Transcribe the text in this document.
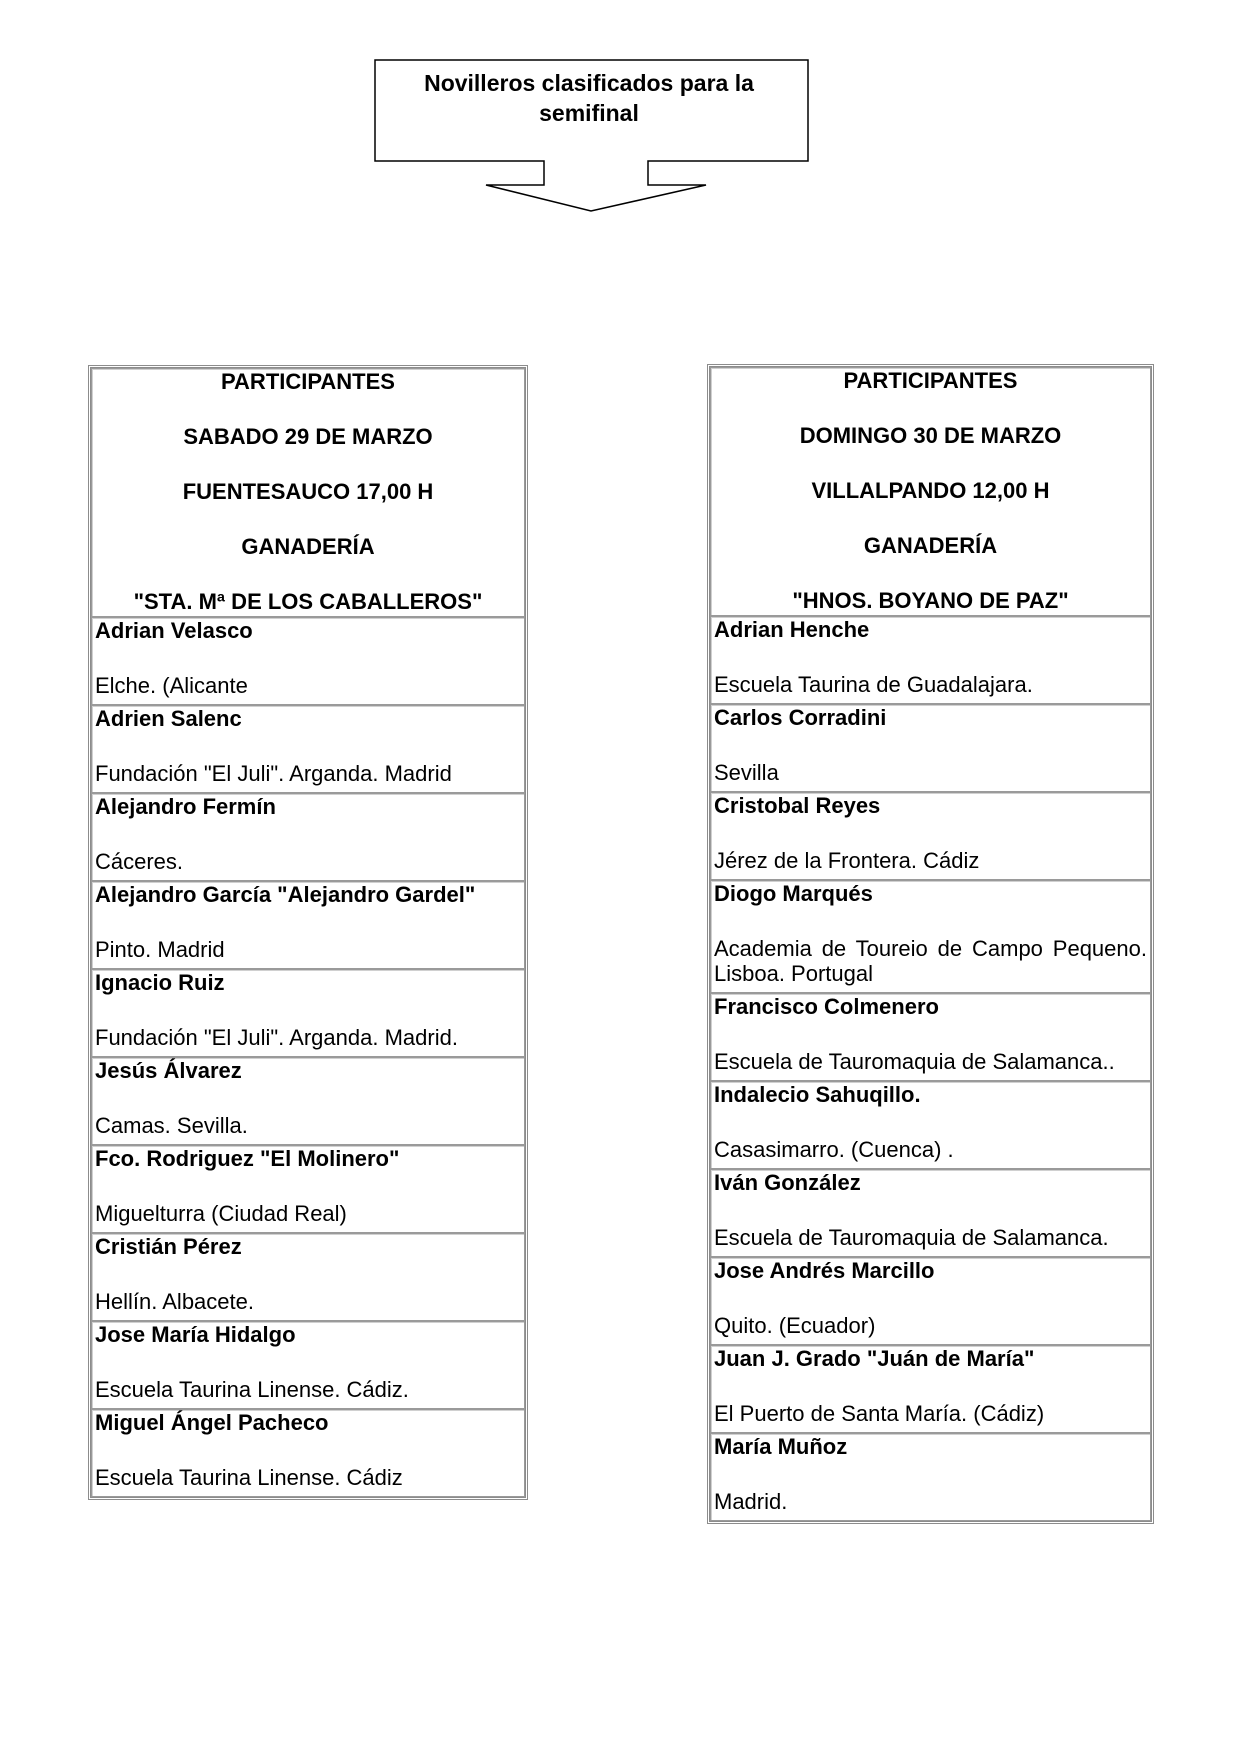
Novilleros clasificados para la
semifinal
PARTICIPANTES
SABADO 29 DE MARZO
FUENTESAUCO 17,00 H
GANADERÍA
"STA. Mª DE LOS CABALLEROS"

Adrian Velasco
Elche. (Alicante

Adrien Salenc
Fundación "El Juli". Arganda. Madrid

Alejandro Fermín
Cáceres.

Alejandro García "Alejandro Gardel"
Pinto. Madrid

Ignacio Ruiz
Fundación "El Juli". Arganda. Madrid.

Jesús Álvarez
Camas. Sevilla.

Fco. Rodriguez "El Molinero"
Miguelturra (Ciudad Real)

Cristián Pérez
Hellín. Albacete.

Jose María Hidalgo
Escuela Taurina Linense. Cádiz.

Miguel Ángel Pacheco
Escuela Taurina Linense. Cádiz
PARTICIPANTES
DOMINGO 30 DE MARZO
VILLALPANDO 12,00 H
GANADERÍA
"HNOS. BOYANO DE PAZ"

Adrian Henche
Escuela Taurina de Guadalajara.

Carlos Corradini
Sevilla

Cristobal Reyes
Jérez de la Frontera. Cádiz

Diogo Marqués
Academia de Toureio de Campo Pequeno. Lisboa. Portugal

Francisco Colmenero
Escuela de Tauromaquia de Salamanca..

Indalecio Sahuqillo.
Casasimarro. (Cuenca) .

Iván González
Escuela de Tauromaquia de Salamanca.

Jose Andrés Marcillo
Quito. (Ecuador)

Juan J. Grado "Juán de María"
El Puerto de Santa María. (Cádiz)

María Muñoz
Madrid.
